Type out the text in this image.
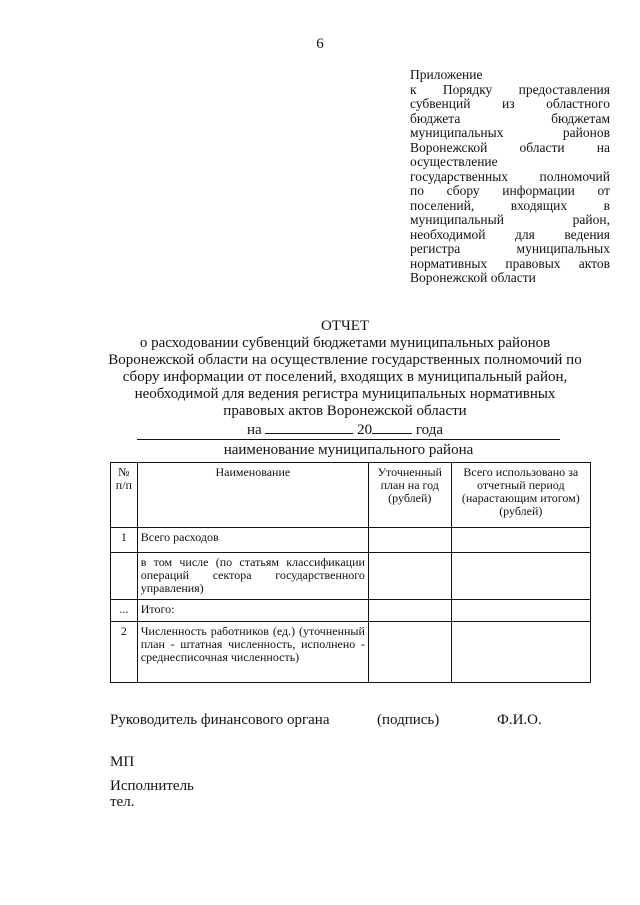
6
Приложение
к Порядку предоставления
субвенций из областного
бюджета бюджетам
муниципальных районов
Воронежской области на
осуществление
государственных полномочий
по сбору информации от
поселений, входящих в
муниципальный район,
необходимой для ведения
регистра муниципальных
нормативных правовых актов
Воронежской области
ОТЧЕТ
о расходовании субвенций бюджетами муниципальных районов
Воронежской области на осуществление государственных полномочий по
сбору информации от поселений, входящих в муниципальный район,
необходимой для ведения регистра муниципальных нормативных
правовых актов Воронежской области
на	20	года
наименование муниципального района
№ п/п	Наименование	Уточненный план на год (рублей)	Всего использовано за отчетный период (нарастающим итогом) (рублей)
1	Всего расходов		
	в том числе (по статьям классификации операций сектора государственного управления)		
...	Итого:		
2	Численность работников (ед.) (уточненный план - штатная численность, исполнено - среднесписочная численность)		
Руководитель финансового органа	(подпись)	Ф.И.О.
МП
Исполнитель
тел.
